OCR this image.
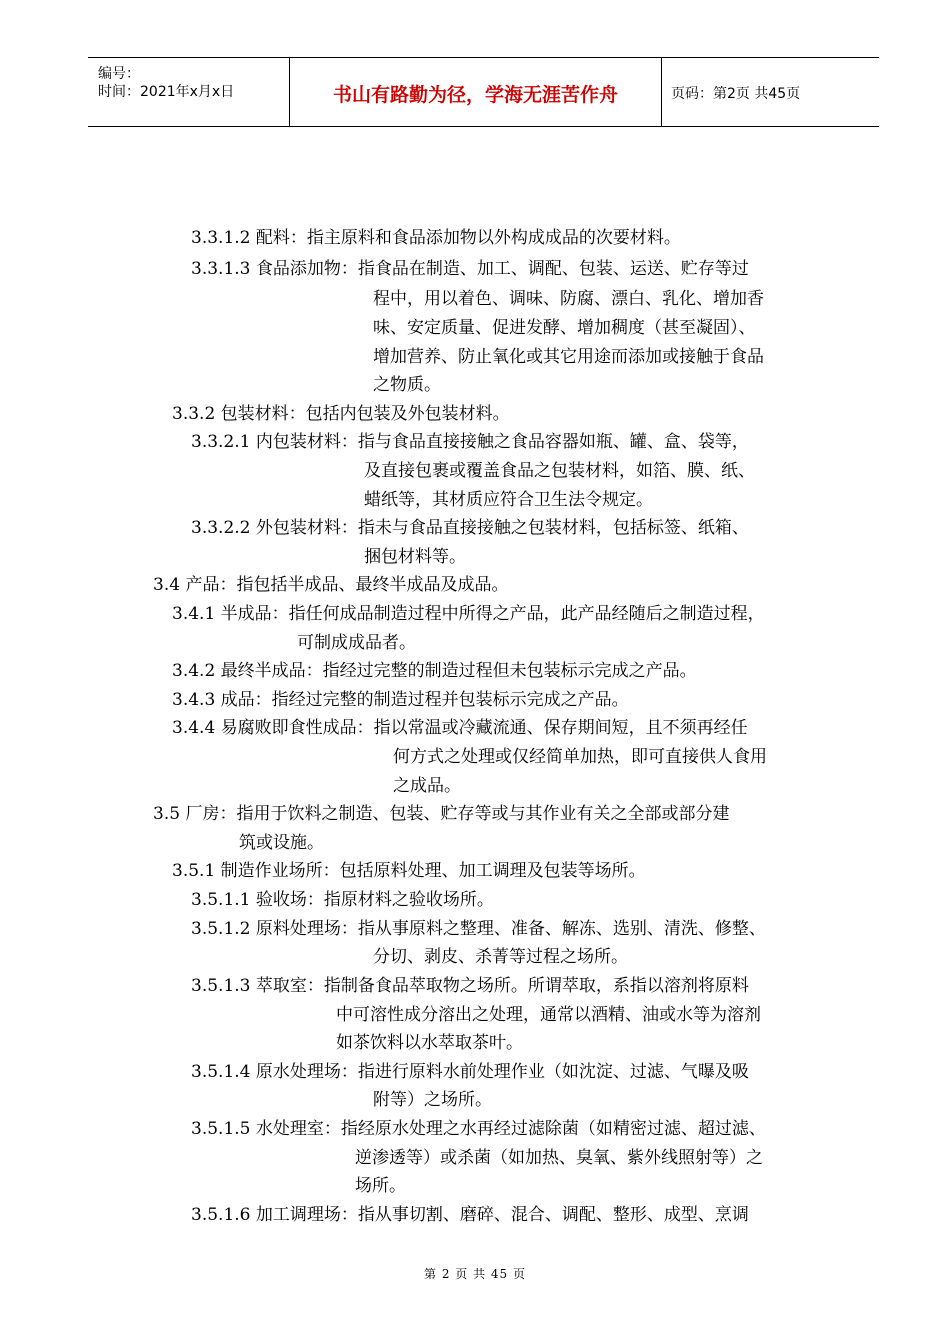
编号：
时间：2021年x月x日	书山有路勤为径，学海无涯苦作舟	页码：第2页 共45页
3.3.1.2 配料：指主原料和食品添加物以外构成成品的次要材料。
3.3.1.3 食品添加物：指食品在制造、加工、调配、包装、运送、贮存等过
程中，用以着色、调味、防腐、漂白、乳化、增加香
味、安定质量、促进发酵、增加稠度（甚至凝固）、
增加营养、防止氧化或其它用途而添加或接触于食品
之物质。
3.3.2 包装材料：包括内包装及外包装材料。
3.3.2.1 内包装材料：指与食品直接接触之食品容器如瓶、罐、盒、袋等，
及直接包裹或覆盖食品之包装材料，如箔、膜、纸、
蜡纸等，其材质应符合卫生法令规定。
3.3.2.2 外包装材料：指未与食品直接接触之包装材料，包括标签、纸箱、
捆包材料等。
3.4 产品：指包括半成品、最终半成品及成品。
3.4.1 半成品：指任何成品制造过程中所得之产品，此产品经随后之制造过程，
可制成成品者。
3.4.2 最终半成品：指经过完整的制造过程但未包装标示完成之产品。
3.4.3 成品：指经过完整的制造过程并包装标示完成之产品。
3.4.4 易腐败即食性成品：指以常温或冷藏流通、保存期间短，且不须再经任
何方式之处理或仅经简单加热，即可直接供人食用
之成品。
3.5 厂房：指用于饮料之制造、包装、贮存等或与其作业有关之全部或部分建
筑或设施。
3.5.1 制造作业场所：包括原料处理、加工调理及包装等场所。
3.5.1.1 验收场：指原材料之验收场所。
3.5.1.2 原料处理场：指从事原料之整理、准备、解冻、选别、清洗、修整、
分切、剥皮、杀菁等过程之场所。
3.5.1.3 萃取室：指制备食品萃取物之场所。所谓萃取，系指以溶剂将原料
中可溶性成分溶出之处理，通常以酒精、油或水等为溶剂
如茶饮料以水萃取茶叶。
3.5.1.4 原水处理场：指进行原料水前处理作业（如沈淀、过滤、气曝及吸
附等）之场所。
3.5.1.5 水处理室：指经原水处理之水再经过滤除菌（如精密过滤、超过滤、
逆渗透等）或杀菌（如加热、臭氧、紫外线照射等）之
场所。
3.5.1.6 加工调理场：指从事切割、磨碎、混合、调配、整形、成型、烹调
第 2 页 共 45 页
